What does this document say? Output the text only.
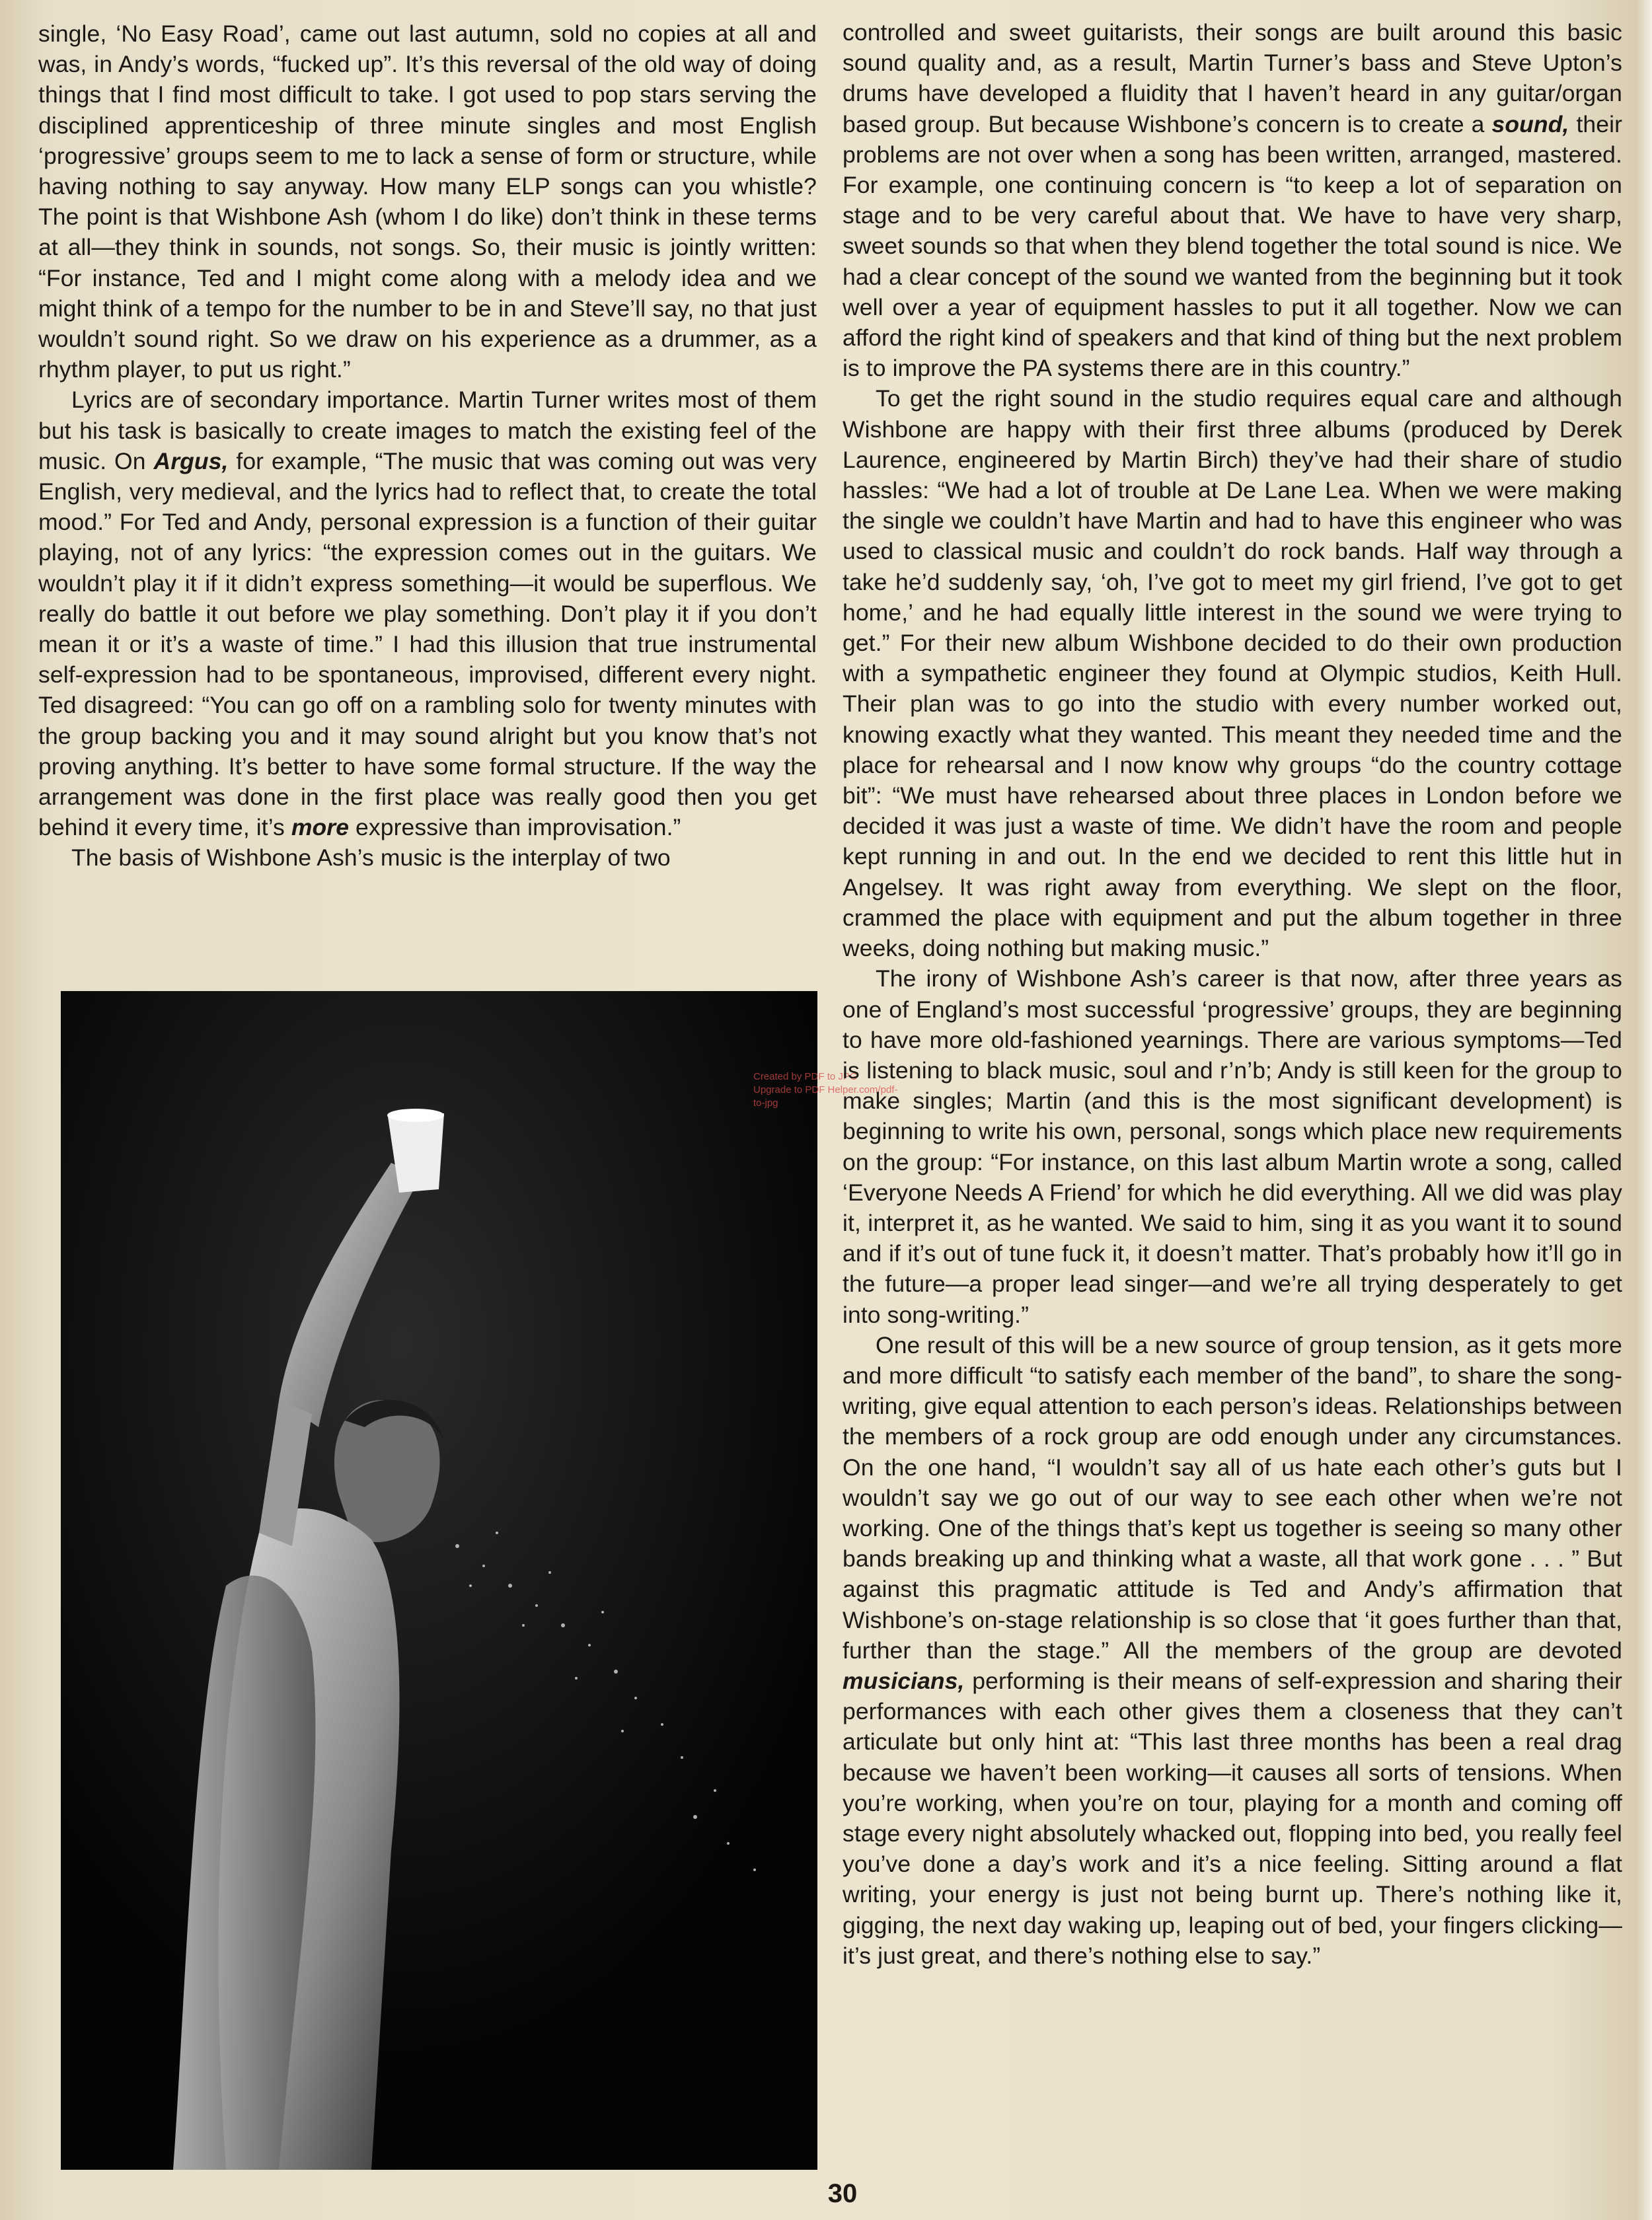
single, ‘No Easy Road’, came out last autumn, sold no copies at all and was, in Andy’s words, “fucked up”. It’s this reversal of the old way of doing things that I find most difficult to take. I got used to pop stars serving the disciplined apprenticeship of three minute singles and most English ‘progressive’ groups seem to me to lack a sense of form or structure, while having nothing to say anyway. How many ELP songs can you whistle? The point is that Wishbone Ash (whom I do like) don’t think in these terms at all—they think in sounds, not songs. So, their music is jointly written: “For instance, Ted and I might come along with a melody idea and we might think of a tempo for the number to be in and Steve’ll say, no that just wouldn’t sound right. So we draw on his experience as a drummer, as a rhythm player, to put us right.”

Lyrics are of secondary importance. Martin Turner writes most of them but his task is basically to create images to match the existing feel of the music. On Argus, for example, “The music that was coming out was very English, very medieval, and the lyrics had to reflect that, to create the total mood.” For Ted and Andy, personal expression is a function of their guitar playing, not of any lyrics: “the expression comes out in the guitars. We wouldn’t play it if it didn’t express something—it would be superflous. We really do battle it out before we play something. Don’t play it if you don’t mean it or it’s a waste of time.” I had this illusion that true instrumental self-expression had to be spontaneous, improvised, different every night. Ted disagreed: “You can go off on a rambling solo for twenty minutes with the group backing you and it may sound alright but you know that’s not proving anything. It’s better to have some formal structure. If the way the arrangement was done in the first place was really good then you get behind it every time, it’s more expressive than improvisation.”

The basis of Wishbone Ash’s music is the interplay of two

Created by PDF to JPG
Upgrade to PDF Helper.com/pdf-to-jpg

controlled and sweet guitarists, their songs are built around this basic sound quality and, as a result, Martin Turner’s bass and Steve Upton’s drums have developed a fluidity that I haven’t heard in any guitar/organ based group. But because Wishbone’s concern is to create a sound, their problems are not over when a song has been written, arranged, mastered. For example, one continuing concern is “to keep a lot of separation on stage and to be very careful about that. We have to have very sharp, sweet sounds so that when they blend together the total sound is nice. We had a clear concept of the sound we wanted from the beginning but it took well over a year of equipment hassles to put it all together. Now we can afford the right kind of speakers and that kind of thing but the next problem is to improve the PA systems there are in this country.”

To get the right sound in the studio requires equal care and although Wishbone are happy with their first three albums (produced by Derek Laurence, engineered by Martin Birch) they’ve had their share of studio hassles: “We had a lot of trouble at De Lane Lea. When we were making the single we couldn’t have Martin and had to have this engineer who was used to classical music and couldn’t do rock bands. Half way through a take he’d suddenly say, ‘oh, I’ve got to meet my girl friend, I’ve got to get home,’ and he had equally little interest in the sound we were trying to get.” For their new album Wishbone decided to do their own production with a sympathetic engineer they found at Olympic studios, Keith Hull. Their plan was to go into the studio with every number worked out, knowing exactly what they wanted. This meant they needed time and the place for rehearsal and I now know why groups “do the country cottage bit”: “We must have rehearsed about three places in London before we decided it was just a waste of time. We didn’t have the room and people kept running in and out. In the end we decided to rent this little hut in Angelsey. It was right away from everything. We slept on the floor, crammed the place with equipment and put the album together in three weeks, doing nothing but making music.”

The irony of Wishbone Ash’s career is that now, after three years as one of England’s most successful ‘progressive’ groups, they are beginning to have more old-fashioned yearnings. There are various symptoms—Ted is listening to black music, soul and r’n’b; Andy is still keen for the group to make singles; Martin (and this is the most significant development) is beginning to write his own, personal, songs which place new requirements on the group: “For instance, on this last album Martin wrote a song, called ‘Everyone Needs A Friend’ for which he did everything. All we did was play it, interpret it, as he wanted. We said to him, sing it as you want it to sound and if it’s out of tune fuck it, it doesn’t matter. That’s probably how it’ll go in the future—a proper lead singer—and we’re all trying desperately to get into song-writing.”

One result of this will be a new source of group tension, as it gets more and more difficult “to satisfy each member of the band”, to share the song-writing, give equal attention to each person’s ideas. Relationships between the members of a rock group are odd enough under any circumstances. On the one hand, “I wouldn’t say all of us hate each other’s guts but I wouldn’t say we go out of our way to see each other when we’re not working. One of the things that’s kept us together is seeing so many other bands breaking up and thinking what a waste, all that work gone . . . ” But against this pragmatic attitude is Ted and Andy’s affirmation that Wishbone’s on-stage relationship is so close that ‘it goes further than that, further than the stage.” All the members of the group are devoted musicians, performing is their means of self-expression and sharing their performances with each other gives them a closeness that they can’t articulate but only hint at: “This last three months has been a real drag because we haven’t been working—it causes all sorts of tensions. When you’re working, when you’re on tour, playing for a month and coming off stage every night absolutely whacked out, flopping into bed, you really feel you’ve done a day’s work and it’s a nice feeling. Sitting around a flat writing, your energy is just not being burnt up. There’s nothing like it, gigging, the next day waking up, leaping out of bed, your fingers clicking—it’s just great, and there’s nothing else to say.”

30
